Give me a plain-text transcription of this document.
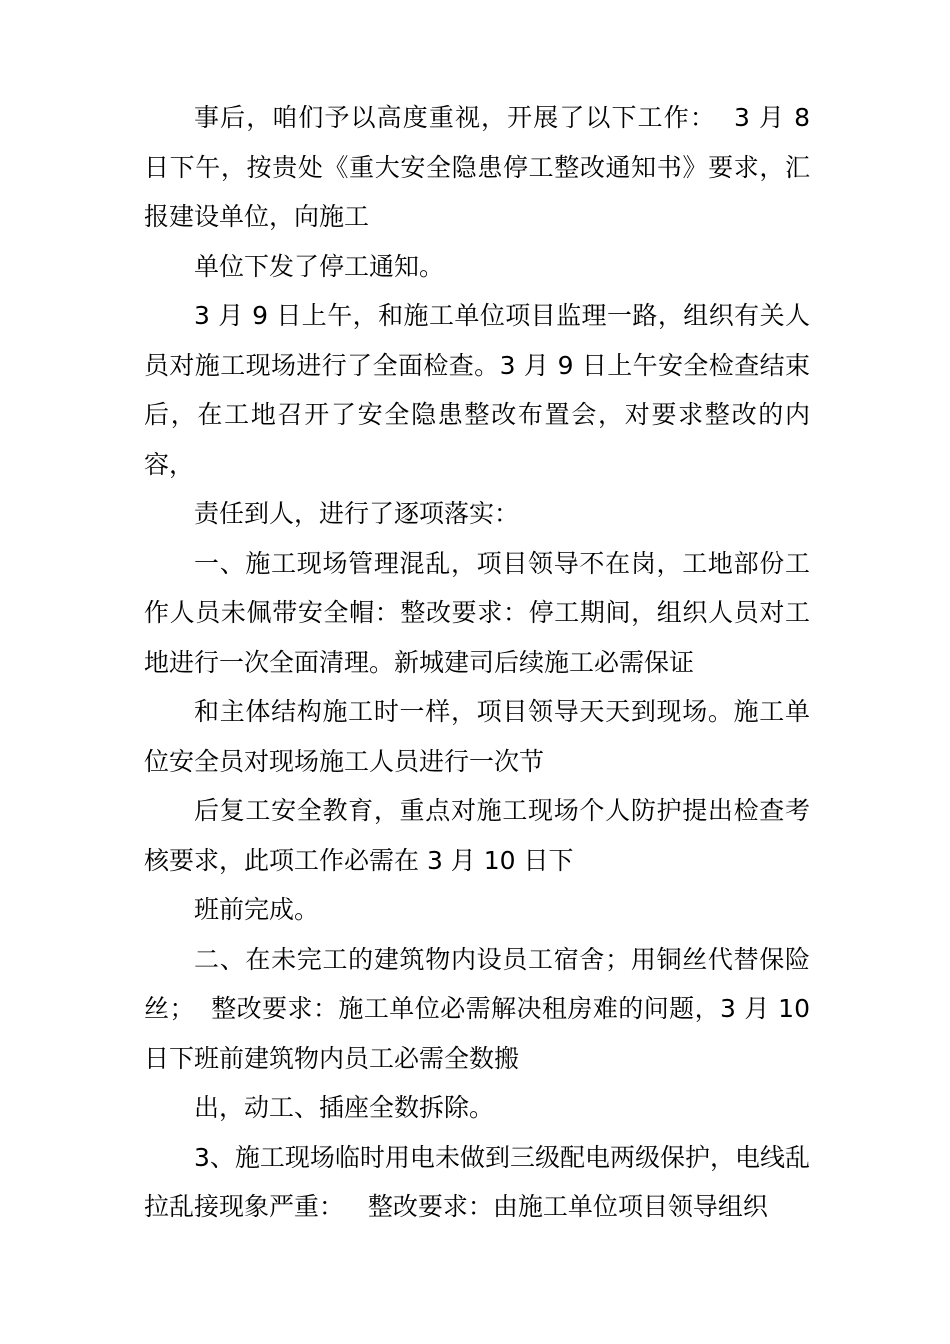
事后，咱们予以高度重视，开展了以下工作：  3 月 8 日下午，按贵处《重大安全隐患停工整改通知书》要求，汇报建设单位，向施工

单位下发了停工通知。

3 月 9 日上午，和施工单位项目监理一路，组织有关人员对施工现场进行了全面检查。3 月 9 日上午安全检查结束后，在工地召开了安全隐患整改布置会，对要求整改的内容，

责任到人，进行了逐项落实：

一、施工现场管理混乱，项目领导不在岗，工地部份工作人员未佩带安全帽：整改要求：停工期间，组织人员对工地进行一次全面清理。新城建司后续施工必需保证

和主体结构施工时一样，项目领导天天到现场。施工单位安全员对现场施工人员进行一次节

后复工安全教育，重点对施工现场个人防护提出检查考核要求，此项工作必需在 3 月 10 日下

班前完成。

二、在未完工的建筑物内设员工宿舍；用铜丝代替保险丝；  整改要求：施工单位必需解决租房难的问题，3 月 10 日下班前建筑物内员工必需全数搬

出，动工、插座全数拆除。

3、施工现场临时用电未做到三级配电两级保护，电线乱拉乱接现象严重：   整改要求：由施工单位项目领导组织
